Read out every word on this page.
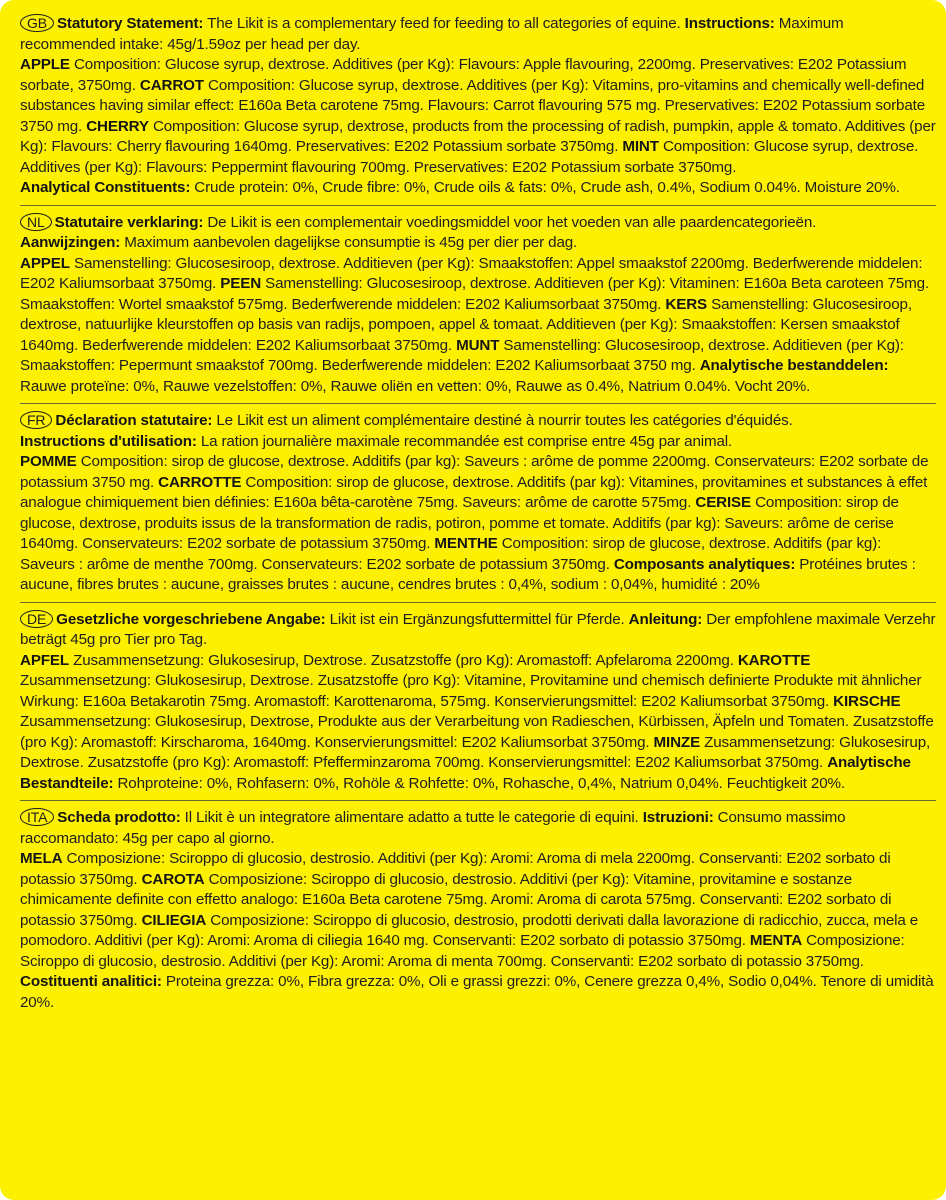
GB Statutory Statement: The Likit is a complementary feed for feeding to all categories of equine. Instructions: Maximum recommended intake: 45g/1.59oz per head per day.
APPLE Composition: Glucose syrup, dextrose. Additives (per Kg): Flavours: Apple flavouring, 2200mg. Preservatives: E202 Potassium sorbate, 3750mg. CARROT Composition: Glucose syrup, dextrose. Additives (per Kg): Vitamins, pro-vitamins and chemically well-defined substances having similar effect: E160a Beta carotene 75mg. Flavours: Carrot flavouring 575 mg. Preservatives: E202 Potassium sorbate 3750 mg. CHERRY Composition: Glucose syrup, dextrose, products from the processing of radish, pumpkin, apple & tomato. Additives (per Kg): Flavours: Cherry flavouring 1640mg. Preservatives: E202 Potassium sorbate 3750mg. MINT Composition: Glucose syrup, dextrose. Additives (per Kg): Flavours: Peppermint flavouring 700mg. Preservatives: E202 Potassium sorbate 3750mg.
Analytical Constituents: Crude protein: 0%, Crude fibre: 0%, Crude oils & fats: 0%, Crude ash, 0.4%, Sodium 0.04%. Moisture 20%.
NL Statutaire verklaring: De Likit is een complementair voedingsmiddel voor het voeden van alle paardencategorieën.
Aanwijzingen: Maximum aanbevolen dagelijkse consumptie is 45g per dier per dag.
APPEL Samenstelling: Glucosesiroop, dextrose. Additieven (per Kg): Smaakstoffen: Appel smaakstof 2200mg. Bederfwerende middelen: E202 Kaliumsorbaat 3750mg. PEEN Samenstelling: Glucosesiroop, dextrose. Additieven (per Kg): Vitaminen: E160a Beta caroteen 75mg. Smaakstoffen: Wortel smaakstof 575mg. Bederfwerende middelen: E202 Kaliumsorbaat 3750mg. KERS Samenstelling: Glucosesiroop, dextrose, natuurlijke kleurstoffen op basis van radijs, pompoen, appel & tomaat. Additieven (per Kg): Smaakstoffen: Kersen smaakstof 1640mg. Bederfwerende middelen: E202 Kaliumsorbaat 3750mg. MUNT Samenstelling: Glucosesiroop, dextrose. Additieven (per Kg): Smaakstoffen: Pepermunt smaakstof 700mg. Bederfwerende middelen: E202 Kaliumsorbaat 3750 mg. Analytische bestanddelen: Rauwe proteïne: 0%, Rauwe vezelstoffen: 0%, Rauwe oliën en vetten: 0%, Rauwe as 0.4%, Natrium 0.04%. Vocht 20%.
FR Déclaration statutaire: Le Likit est un aliment complémentaire destiné à nourrir toutes les catégories d'équidés.
Instructions d'utilisation: La ration journalière maximale recommandée est comprise entre 45g par animal.
POMME Composition: sirop de glucose, dextrose. Additifs (par kg): Saveurs : arôme de pomme 2200mg. Conservateurs: E202 sorbate de potassium 3750 mg. CARROTTE Composition: sirop de glucose, dextrose. Additifs (par kg): Vitamines, provitamines et substances à effet analogue chimiquement bien définies: E160a bêta-carotène 75mg. Saveurs: arôme de carotte 575mg. CERISE Composition: sirop de glucose, dextrose, produits issus de la transformation de radis, potiron, pomme et tomate. Additifs (par kg): Saveurs: arôme de cerise 1640mg. Conservateurs: E202 sorbate de potassium 3750mg. MENTHE Composition: sirop de glucose, dextrose. Additifs (par kg): Saveurs : arôme de menthe 700mg. Conservateurs: E202 sorbate de potassium 3750mg. Composants analytiques: Protéines brutes : aucune, fibres brutes : aucune, graisses brutes : aucune, cendres brutes : 0,4%, sodium : 0,04%, humidité : 20%
DE Gesetzliche vorgeschriebene Angabe: Likit ist ein Ergänzungsfuttermittel für Pferde. Anleitung: Der empfohlene maximale Verzehr beträgt 45g pro Tier pro Tag.
APFEL Zusammensetzung: Glukosesirup, Dextrose. Zusatzstoffe (pro Kg): Aromastoff: Apfelaroma 2200mg. KAROTTE Zusammensetzung: Glukosesirup, Dextrose. Zusatzstoffe (pro Kg): Vitamine, Provitamine und chemisch definierte Produkte mit ähnlicher Wirkung: E160a Betakarotin 75mg. Aromastoff: Karottenaroma, 575mg. Konservierungsmittel: E202 Kaliumsorbat 3750mg. KIRSCHE Zusammensetzung: Glukosesirup, Dextrose, Produkte aus der Verarbeitung von Radieschen, Kürbissen, Äpfeln und Tomaten. Zusatzstoffe (pro Kg): Aromastoff: Kirscharoma, 1640mg. Konservierungsmittel: E202 Kaliumsorbat 3750mg. MINZE Zusammensetzung: Glukosesirup, Dextrose. Zusatzstoffe (pro Kg): Aromastoff: Pfefferminzaroma 700mg. Konservierungsmittel: E202 Kaliumsorbat 3750mg. Analytische Bestandteile: Rohproteine: 0%, Rohfasern: 0%, Rohöle & Rohfette: 0%, Rohasche, 0,4%, Natrium 0,04%. Feuchtigkeit 20%.
ITA Scheda prodotto: Il Likit è un integratore alimentare adatto a tutte le categorie di equini. Istruzioni: Consumo massimo raccomandato: 45g per capo al giorno.
MELA Composizione: Sciroppo di glucosio, destrosio. Additivi (per Kg): Aromi: Aroma di mela 2200mg. Conservanti: E202 sorbato di potassio 3750mg. CAROTA Composizione: Sciroppo di glucosio, destrosio. Additivi (per Kg): Vitamine, provitamine e sostanze chimicamente definite con effetto analogo: E160a Beta carotene 75mg. Aromi: Aroma di carota 575mg. Conservanti: E202 sorbato di potassio 3750mg. CILIEGIA Composizione: Sciroppo di glucosio, destrosio, prodotti derivati dalla lavorazione di radicchio, zucca, mela e pomodoro. Additivi (per Kg): Aromi: Aroma di ciliegia 1640 mg. Conservanti: E202 sorbato di potassio 3750mg. MENTA Composizione: Sciroppo di glucosio, destrosio. Additivi (per Kg): Aromi: Aroma di menta 700mg. Conservanti: E202 sorbato di potassio 3750mg.
Costituenti analitici: Proteina grezza: 0%, Fibra grezza: 0%, Oli e grassi grezzi: 0%, Cenere grezza 0,4%, Sodio 0,04%. Tenore di umidità 20%.
